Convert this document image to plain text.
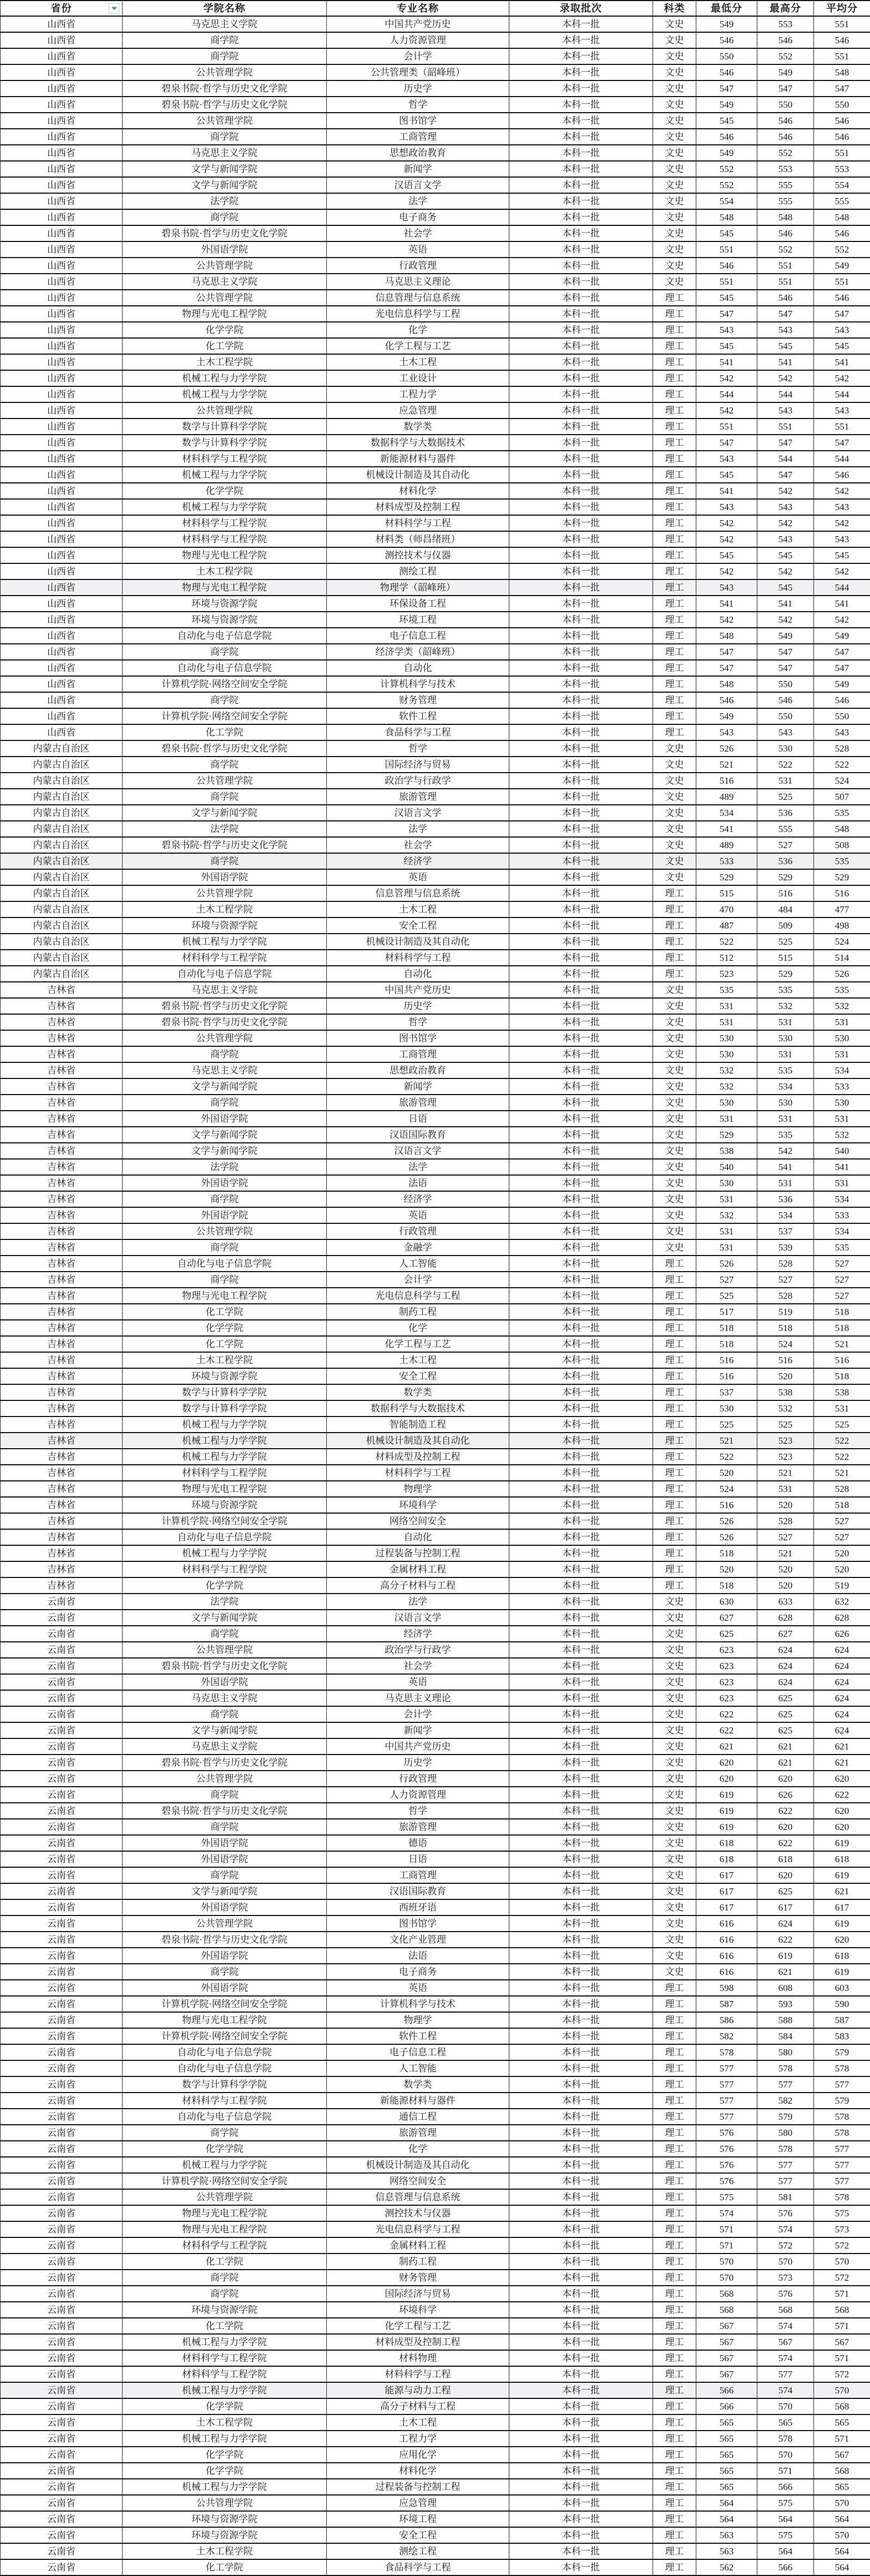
省份	学院名称	专业名称	录取批次	科类	最低分	最高分	平均分
山西省	马克思主义学院	中国共产党历史	本科一批	文史	549	553	551
山西省	商学院	人力资源管理	本科一批	文史	546	546	546
山西省	商学院	会计学	本科一批	文史	550	552	551
山西省	公共管理学院	公共管理类（韶峰班）	本科一批	文史	546	549	548
山西省	碧泉书院·哲学与历史文化学院	历史学	本科一批	文史	547	547	547
山西省	碧泉书院·哲学与历史文化学院	哲学	本科一批	文史	549	550	550
山西省	公共管理学院	图书馆学	本科一批	文史	545	546	546
山西省	商学院	工商管理	本科一批	文史	546	546	546
山西省	马克思主义学院	思想政治教育	本科一批	文史	549	552	551
山西省	文学与新闻学院	新闻学	本科一批	文史	552	553	553
山西省	文学与新闻学院	汉语言文学	本科一批	文史	552	555	554
山西省	法学院	法学	本科一批	文史	554	555	555
山西省	商学院	电子商务	本科一批	文史	548	548	548
山西省	碧泉书院·哲学与历史文化学院	社会学	本科一批	文史	545	546	546
山西省	外国语学院	英语	本科一批	文史	551	552	552
山西省	公共管理学院	行政管理	本科一批	文史	546	551	549
山西省	马克思主义学院	马克思主义理论	本科一批	文史	551	551	551
山西省	公共管理学院	信息管理与信息系统	本科一批	理工	545	546	546
山西省	物理与光电工程学院	光电信息科学与工程	本科一批	理工	547	547	547
山西省	化学学院	化学	本科一批	理工	543	543	543
山西省	化工学院	化学工程与工艺	本科一批	理工	545	545	545
山西省	土木工程学院	土木工程	本科一批	理工	541	541	541
山西省	机械工程与力学学院	工业设计	本科一批	理工	542	542	542
山西省	机械工程与力学学院	工程力学	本科一批	理工	544	544	544
山西省	公共管理学院	应急管理	本科一批	理工	542	543	543
山西省	数学与计算科学学院	数学类	本科一批	理工	551	551	551
山西省	数学与计算科学学院	数据科学与大数据技术	本科一批	理工	547	547	547
山西省	材料科学与工程学院	新能源材料与器件	本科一批	理工	543	544	544
山西省	机械工程与力学学院	机械设计制造及其自动化	本科一批	理工	545	547	546
山西省	化学学院	材料化学	本科一批	理工	541	542	542
山西省	机械工程与力学学院	材料成型及控制工程	本科一批	理工	543	543	543
山西省	材料科学与工程学院	材料科学与工程	本科一批	理工	542	542	542
山西省	材料科学与工程学院	材料类（师昌绪班）	本科一批	理工	542	543	543
山西省	物理与光电工程学院	测控技术与仪器	本科一批	理工	545	545	545
山西省	土木工程学院	测绘工程	本科一批	理工	542	542	542
山西省	物理与光电工程学院	物理学（韶峰班）	本科一批	理工	543	545	544
山西省	环境与资源学院	环保设备工程	本科一批	理工	541	541	541
山西省	环境与资源学院	环境工程	本科一批	理工	542	542	542
山西省	自动化与电子信息学院	电子信息工程	本科一批	理工	548	549	549
山西省	商学院	经济学类（韶峰班）	本科一批	理工	547	547	547
山西省	自动化与电子信息学院	自动化	本科一批	理工	547	547	547
山西省	计算机学院·网络空间安全学院	计算机科学与技术	本科一批	理工	548	550	549
山西省	商学院	财务管理	本科一批	理工	546	546	546
山西省	计算机学院·网络空间安全学院	软件工程	本科一批	理工	549	550	550
山西省	化工学院	食品科学与工程	本科一批	理工	543	543	543
内蒙古自治区	碧泉书院·哲学与历史文化学院	哲学	本科一批	文史	526	530	528
内蒙古自治区	商学院	国际经济与贸易	本科一批	文史	521	522	522
内蒙古自治区	公共管理学院	政治学与行政学	本科一批	文史	516	531	524
内蒙古自治区	商学院	旅游管理	本科一批	文史	489	525	507
内蒙古自治区	文学与新闻学院	汉语言文学	本科一批	文史	534	536	535
内蒙古自治区	法学院	法学	本科一批	文史	541	555	548
内蒙古自治区	碧泉书院·哲学与历史文化学院	社会学	本科一批	文史	489	527	508
内蒙古自治区	商学院	经济学	本科一批	文史	533	536	535
内蒙古自治区	外国语学院	英语	本科一批	文史	529	529	529
内蒙古自治区	公共管理学院	信息管理与信息系统	本科一批	理工	515	516	516
内蒙古自治区	土木工程学院	土木工程	本科一批	理工	470	484	477
内蒙古自治区	环境与资源学院	安全工程	本科一批	理工	487	509	498
内蒙古自治区	机械工程与力学学院	机械设计制造及其自动化	本科一批	理工	522	525	524
内蒙古自治区	材料科学与工程学院	材料科学与工程	本科一批	理工	512	515	514
内蒙古自治区	自动化与电子信息学院	自动化	本科一批	理工	523	529	526
吉林省	马克思主义学院	中国共产党历史	本科一批	文史	535	535	535
吉林省	碧泉书院·哲学与历史文化学院	历史学	本科一批	文史	531	532	532
吉林省	碧泉书院·哲学与历史文化学院	哲学	本科一批	文史	531	531	531
吉林省	公共管理学院	图书馆学	本科一批	文史	530	530	530
吉林省	商学院	工商管理	本科一批	文史	530	531	531
吉林省	马克思主义学院	思想政治教育	本科一批	文史	532	535	534
吉林省	文学与新闻学院	新闻学	本科一批	文史	532	534	533
吉林省	商学院	旅游管理	本科一批	文史	530	530	530
吉林省	外国语学院	日语	本科一批	文史	531	531	531
吉林省	文学与新闻学院	汉语国际教育	本科一批	文史	529	535	532
吉林省	文学与新闻学院	汉语言文学	本科一批	文史	538	542	540
吉林省	法学院	法学	本科一批	文史	540	541	541
吉林省	外国语学院	法语	本科一批	文史	530	531	531
吉林省	商学院	经济学	本科一批	文史	531	536	534
吉林省	外国语学院	英语	本科一批	文史	532	534	533
吉林省	公共管理学院	行政管理	本科一批	文史	531	537	534
吉林省	商学院	金融学	本科一批	文史	531	539	535
吉林省	自动化与电子信息学院	人工智能	本科一批	理工	526	528	527
吉林省	商学院	会计学	本科一批	理工	527	527	527
吉林省	物理与光电工程学院	光电信息科学与工程	本科一批	理工	525	528	527
吉林省	化工学院	制药工程	本科一批	理工	517	519	518
吉林省	化学学院	化学	本科一批	理工	518	518	518
吉林省	化工学院	化学工程与工艺	本科一批	理工	518	524	521
吉林省	土木工程学院	土木工程	本科一批	理工	516	516	516
吉林省	环境与资源学院	安全工程	本科一批	理工	516	520	518
吉林省	数学与计算科学学院	数学类	本科一批	理工	537	538	538
吉林省	数学与计算科学学院	数据科学与大数据技术	本科一批	理工	530	532	531
吉林省	机械工程与力学学院	智能制造工程	本科一批	理工	525	525	525
吉林省	机械工程与力学学院	机械设计制造及其自动化	本科一批	理工	521	523	522
吉林省	机械工程与力学学院	材料成型及控制工程	本科一批	理工	522	523	522
吉林省	材料科学与工程学院	材料科学与工程	本科一批	理工	520	521	521
吉林省	物理与光电工程学院	物理学	本科一批	理工	524	531	528
吉林省	环境与资源学院	环境科学	本科一批	理工	516	520	518
吉林省	计算机学院·网络空间安全学院	网络空间安全	本科一批	理工	526	528	527
吉林省	自动化与电子信息学院	自动化	本科一批	理工	526	527	527
吉林省	机械工程与力学学院	过程装备与控制工程	本科一批	理工	518	521	520
吉林省	材料科学与工程学院	金属材料工程	本科一批	理工	520	520	520
吉林省	化学学院	高分子材料与工程	本科一批	理工	518	520	519
云南省	法学院	法学	本科一批	文史	630	633	632
云南省	文学与新闻学院	汉语言文学	本科一批	文史	627	628	628
云南省	商学院	经济学	本科一批	文史	625	627	626
云南省	公共管理学院	政治学与行政学	本科一批	文史	623	624	624
云南省	碧泉书院·哲学与历史文化学院	社会学	本科一批	文史	623	624	624
云南省	外国语学院	英语	本科一批	文史	623	624	624
云南省	马克思主义学院	马克思主义理论	本科一批	文史	623	625	624
云南省	商学院	会计学	本科一批	文史	622	625	624
云南省	文学与新闻学院	新闻学	本科一批	文史	622	625	624
云南省	马克思主义学院	中国共产党历史	本科一批	文史	621	621	621
云南省	碧泉书院·哲学与历史文化学院	历史学	本科一批	文史	620	621	621
云南省	公共管理学院	行政管理	本科一批	文史	620	620	620
云南省	商学院	人力资源管理	本科一批	文史	619	626	622
云南省	碧泉书院·哲学与历史文化学院	哲学	本科一批	文史	619	622	620
云南省	商学院	旅游管理	本科一批	文史	619	620	620
云南省	外国语学院	德语	本科一批	文史	618	622	619
云南省	外国语学院	日语	本科一批	文史	618	618	618
云南省	商学院	工商管理	本科一批	文史	617	620	619
云南省	文学与新闻学院	汉语国际教育	本科一批	文史	617	625	621
云南省	外国语学院	西班牙语	本科一批	文史	617	617	617
云南省	公共管理学院	图书馆学	本科一批	文史	616	624	619
云南省	碧泉书院·哲学与历史文化学院	文化产业管理	本科一批	文史	616	622	620
云南省	外国语学院	法语	本科一批	文史	616	619	618
云南省	商学院	电子商务	本科一批	文史	616	621	619
云南省	外国语学院	英语	本科一批	理工	598	608	603
云南省	计算机学院·网络空间安全学院	计算机科学与技术	本科一批	理工	587	593	590
云南省	物理与光电工程学院	物理学	本科一批	理工	586	588	587
云南省	计算机学院·网络空间安全学院	软件工程	本科一批	理工	582	584	583
云南省	自动化与电子信息学院	电子信息工程	本科一批	理工	578	580	579
云南省	自动化与电子信息学院	人工智能	本科一批	理工	577	578	578
云南省	数学与计算科学学院	数学类	本科一批	理工	577	577	577
云南省	材料科学与工程学院	新能源材料与器件	本科一批	理工	577	582	579
云南省	自动化与电子信息学院	通信工程	本科一批	理工	577	579	578
云南省	商学院	旅游管理	本科一批	理工	576	580	578
云南省	化学学院	化学	本科一批	理工	576	578	577
云南省	机械工程与力学学院	机械设计制造及其自动化	本科一批	理工	576	577	577
云南省	计算机学院·网络空间安全学院	网络空间安全	本科一批	理工	576	577	577
云南省	公共管理学院	信息管理与信息系统	本科一批	理工	575	581	578
云南省	物理与光电工程学院	测控技术与仪器	本科一批	理工	574	576	575
云南省	物理与光电工程学院	光电信息科学与工程	本科一批	理工	571	574	573
云南省	材料科学与工程学院	金属材料工程	本科一批	理工	571	572	572
云南省	化工学院	制药工程	本科一批	理工	570	570	570
云南省	商学院	财务管理	本科一批	理工	570	573	572
云南省	商学院	国际经济与贸易	本科一批	理工	568	576	571
云南省	环境与资源学院	环境科学	本科一批	理工	568	568	568
云南省	化工学院	化学工程与工艺	本科一批	理工	567	574	571
云南省	机械工程与力学学院	材料成型及控制工程	本科一批	理工	567	567	567
云南省	材料科学与工程学院	材料物理	本科一批	理工	567	574	571
云南省	材料科学与工程学院	材料科学与工程	本科一批	理工	567	577	572
云南省	机械工程与力学学院	能源与动力工程	本科一批	理工	566	574	570
云南省	化学学院	高分子材料与工程	本科一批	理工	566	570	568
云南省	土木工程学院	土木工程	本科一批	理工	565	565	565
云南省	机械工程与力学学院	工程力学	本科一批	理工	565	578	571
云南省	化学学院	应用化学	本科一批	理工	565	570	567
云南省	化学学院	材料化学	本科一批	理工	565	571	568
云南省	机械工程与力学学院	过程装备与控制工程	本科一批	理工	565	566	565
云南省	公共管理学院	应急管理	本科一批	理工	564	575	570
云南省	环境与资源学院	环境工程	本科一批	理工	564	564	564
云南省	环境与资源学院	安全工程	本科一批	理工	563	575	570
云南省	土木工程学院	测绘工程	本科一批	理工	563	564	564
云南省	化工学院	食品科学与工程	本科一批	理工	562	566	564
